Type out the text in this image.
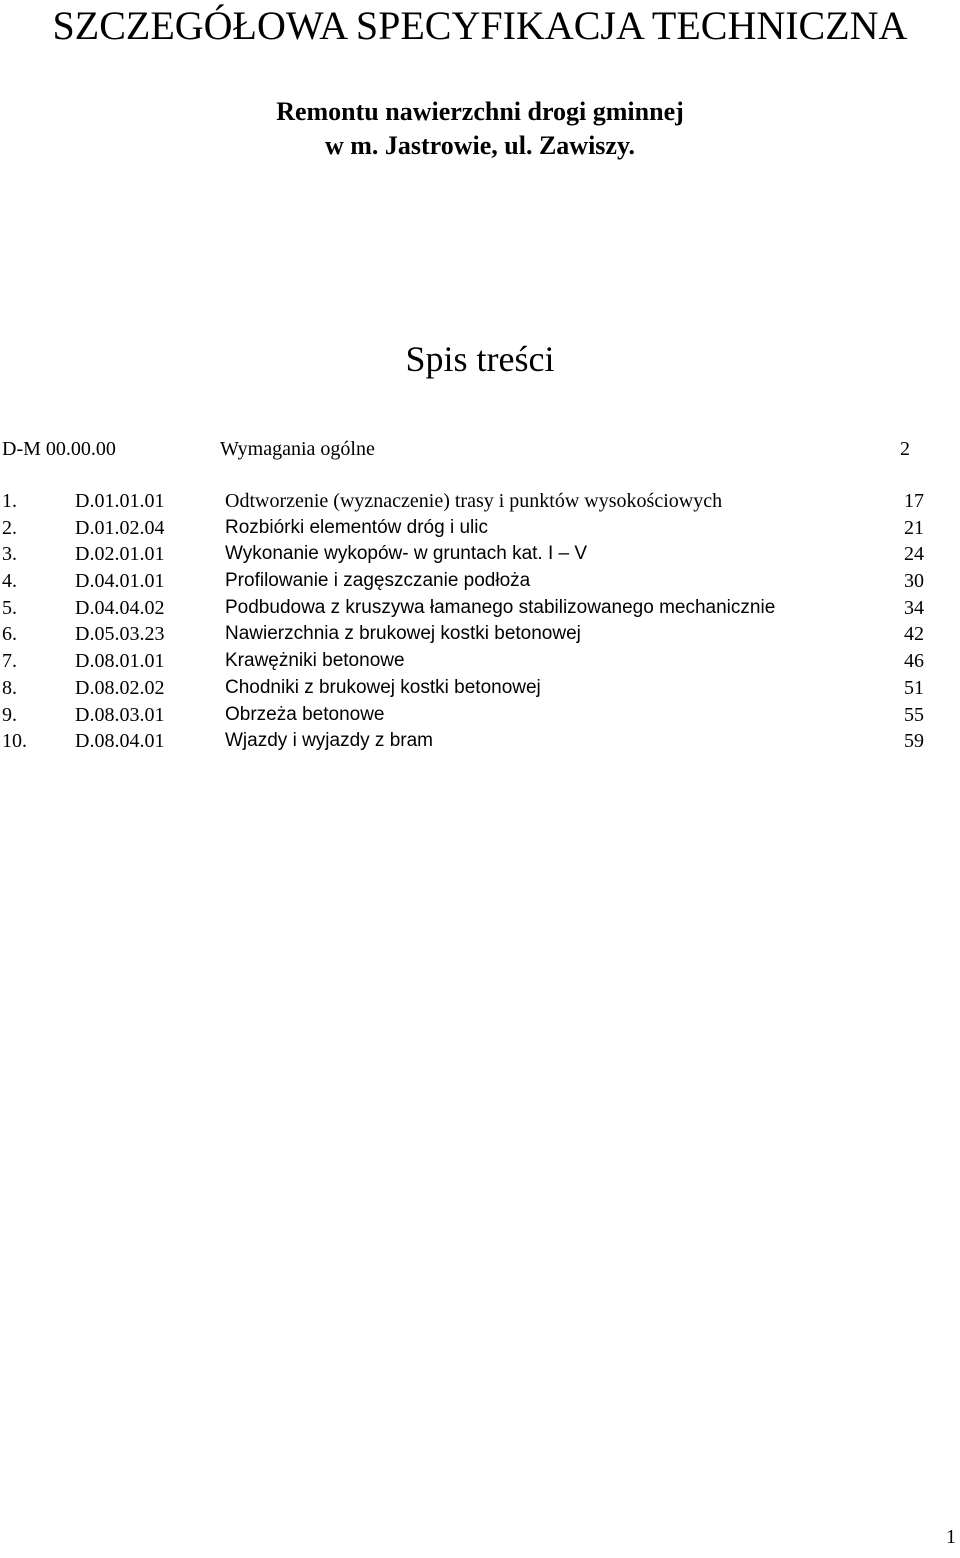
SZCZEGÓŁOWA SPECYFIKACJA TECHNICZNA
Remontu nawierzchni drogi gminnej
w m. Jastrowie, ul. Zawiszy.
Spis treści
D-M 00.00.00	Wymagania ogólne	2
1.	D.01.01.01	Odtworzenie (wyznaczenie) trasy i punktów wysokościowych	17
2.	D.01.02.04	Rozbiórki elementów dróg i ulic	21
3.	D.02.01.01	Wykonanie wykopów- w gruntach kat. I – V	24
4.	D.04.01.01	Profilowanie i zagęszczanie podłoża	30
5.	D.04.04.02	Podbudowa z kruszywa łamanego stabilizowanego mechanicznie	34
6.	D.05.03.23	Nawierzchnia z brukowej kostki betonowej	42
7.	D.08.01.01	Krawężniki betonowe	46
8.	D.08.02.02	Chodniki z brukowej kostki betonowej	51
9.	D.08.03.01	Obrzeża betonowe	55
10. D.08.04.01	Wjazdy i wyjazdy z bram	59
1
